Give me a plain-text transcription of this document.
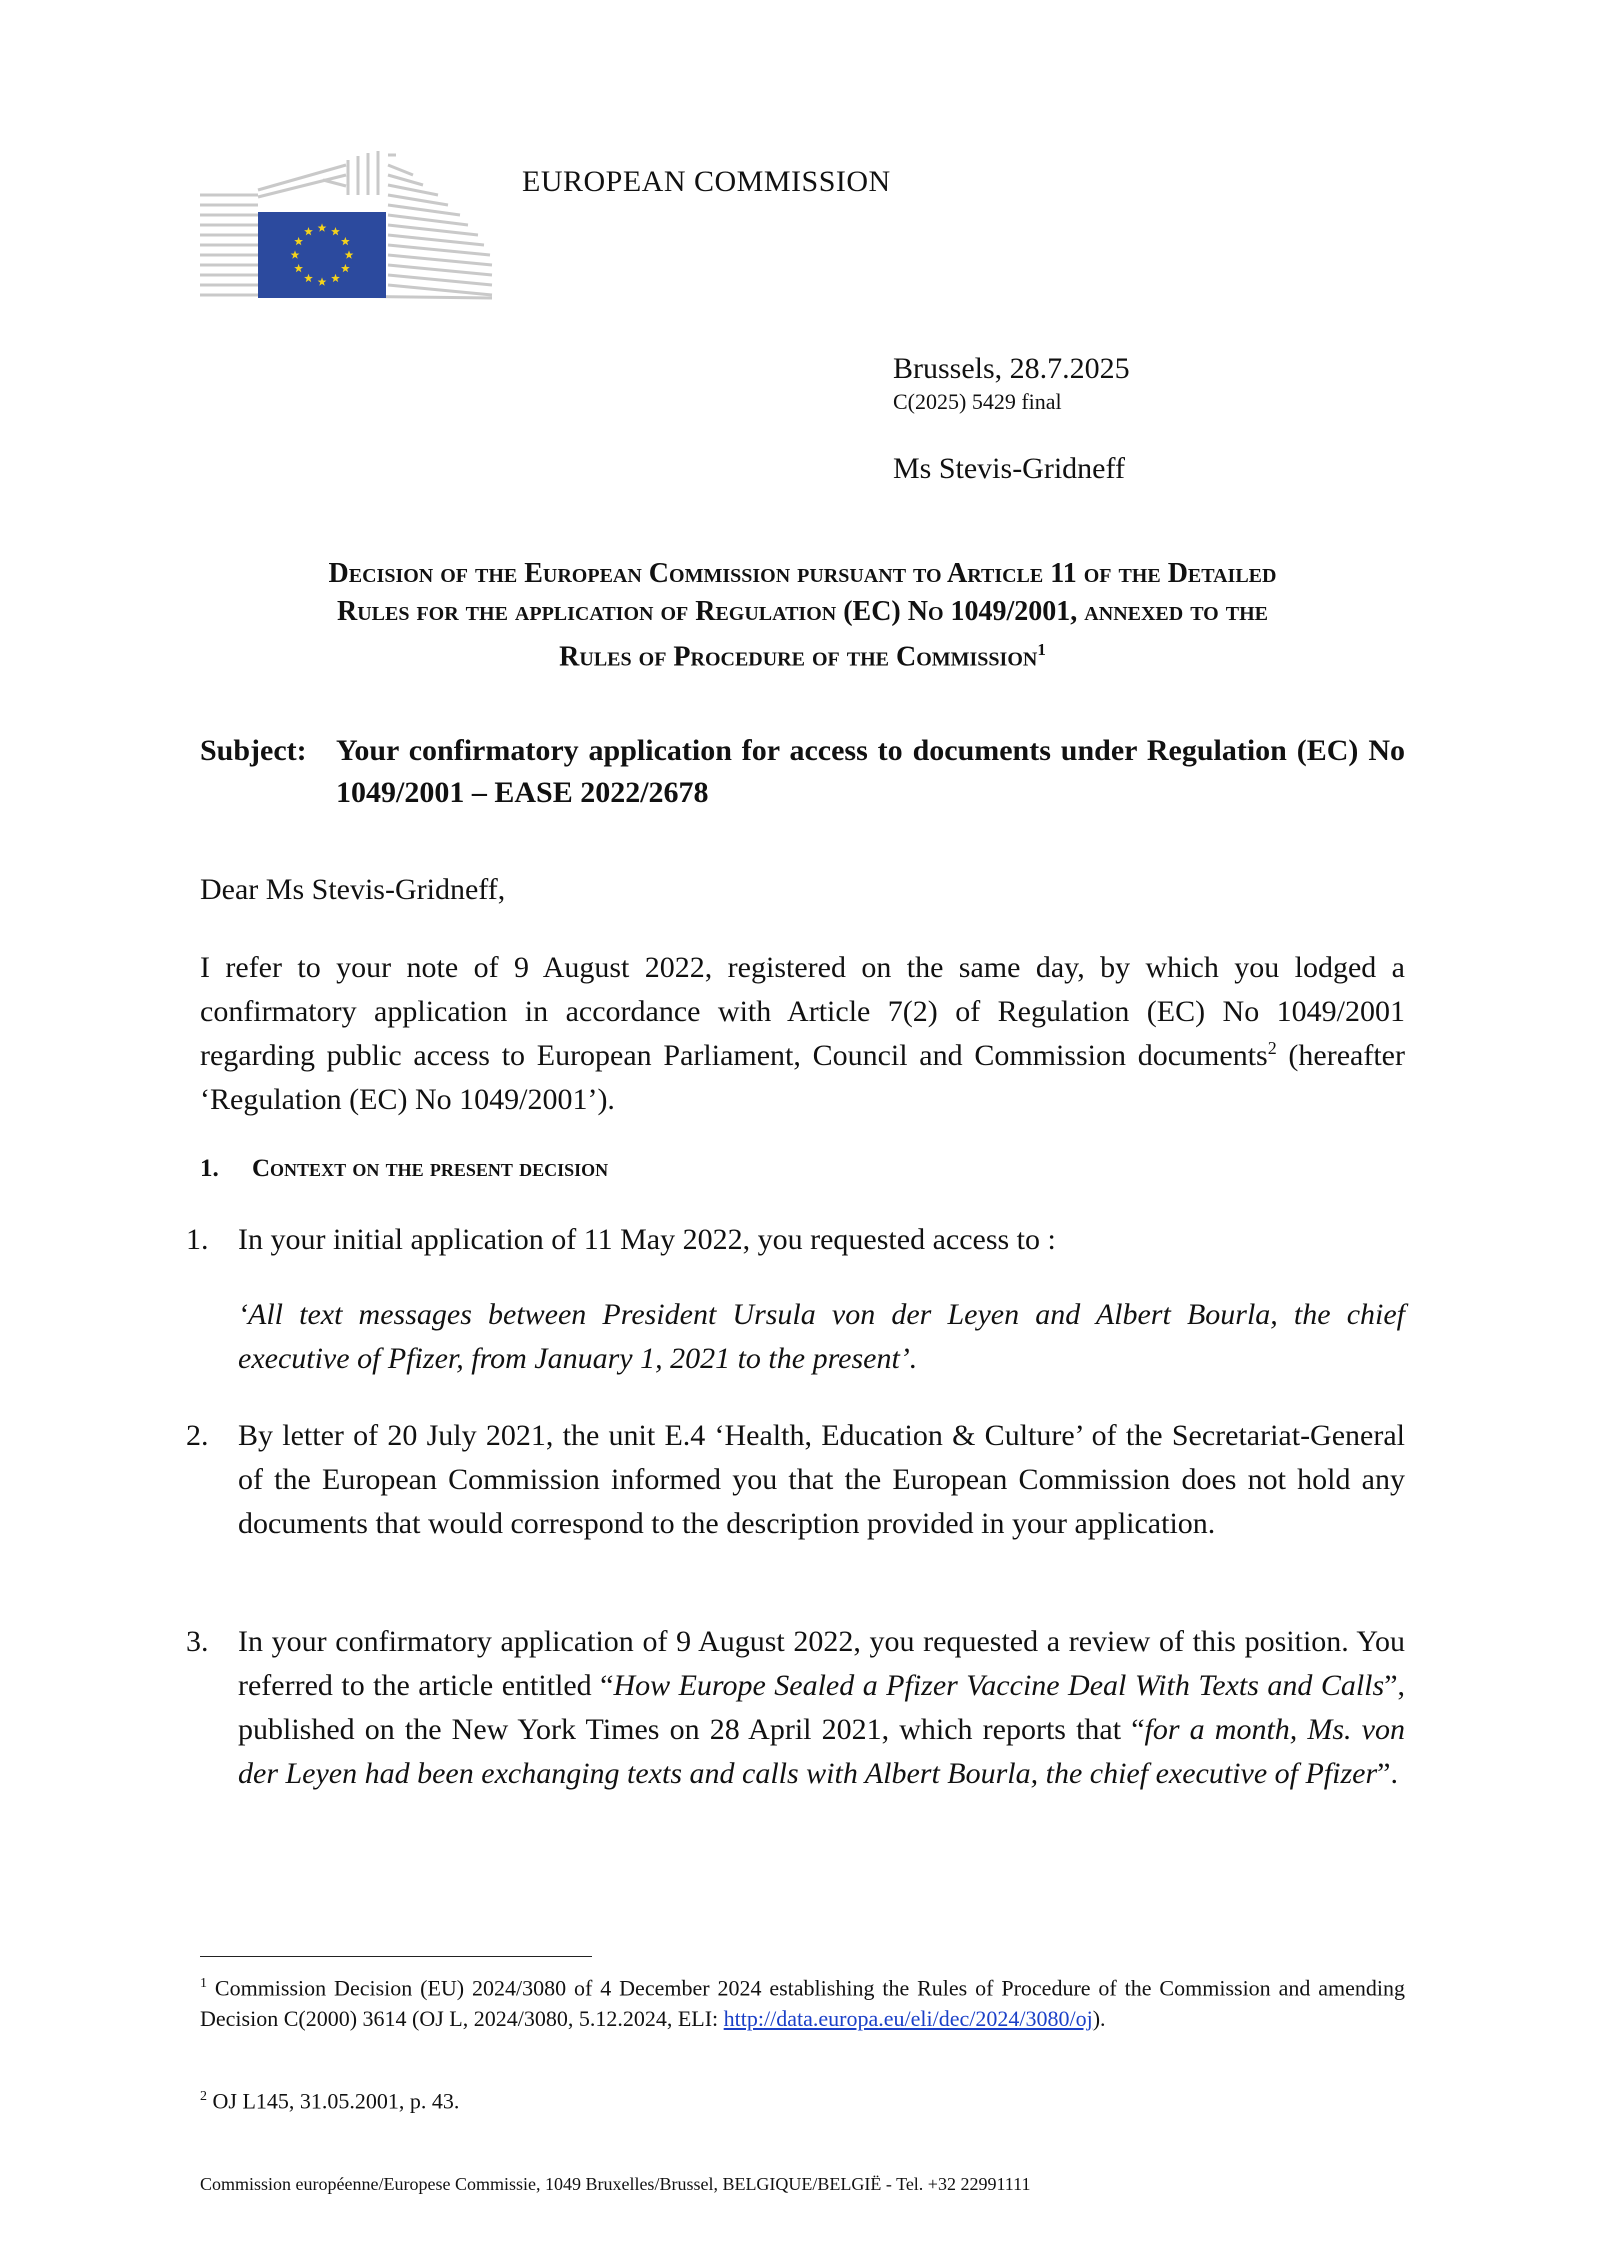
EUROPEAN COMMISSION
Brussels, 28.7.2025
C(2025) 5429 final
Ms Stevis-Gridneff
Decision of the European Commission pursuant to Article 11 of the Detailed
Rules for the application of Regulation (EC) No 1049/2001, annexed to the
Rules of Procedure of the Commission$^1$
Subject: Your confirmatory application for access to documents under Regulation (EC) No 1049/2001 – EASE 2022/2678
Dear Ms Stevis-Gridneff,
I refer to your note of 9 August 2022, registered on the same day, by which you lodged a confirmatory application in accordance with Article 7(2) of Regulation (EC) No 1049/2001 regarding public access to European Parliament, Council and Commission documents$^2$ (hereafter ‘Regulation (EC) No 1049/2001’).
1. Context on the present decision
1. In your initial application of 11 May 2022, you requested access to :
‘All text messages between President Ursula von der Leyen and Albert Bourla, the chief executive of Pfizer, from January 1, 2021 to the present’.
2. By letter of 20 July 2021, the unit E.4 ‘Health, Education & Culture’ of the Secretariat-General of the European Commission informed you that the European Commission does not hold any documents that would correspond to the description provided in your application.
3. In your confirmatory application of 9 August 2022, you requested a review of this position. You referred to the article entitled “How Europe Sealed a Pfizer Vaccine Deal With Texts and Calls”, published on the New York Times on 28 April 2021, which reports that “for a month, Ms. von der Leyen had been exchanging texts and calls with Albert Bourla, the chief executive of Pfizer”.
$^1$ Commission Decision (EU) 2024/3080 of 4 December 2024 establishing the Rules of Procedure of the Commission and amending Decision C(2000) 3614 (OJ L, 2024/3080, 5.12.2024, ELI: http://data.europa.eu/eli/dec/2024/3080/oj).
$^2$ OJ L145, 31.05.2001, p. 43.
Commission européenne/Europese Commissie, 1049 Bruxelles/Brussel, BELGIQUE/BELGIË - Tel. +32 22991111
